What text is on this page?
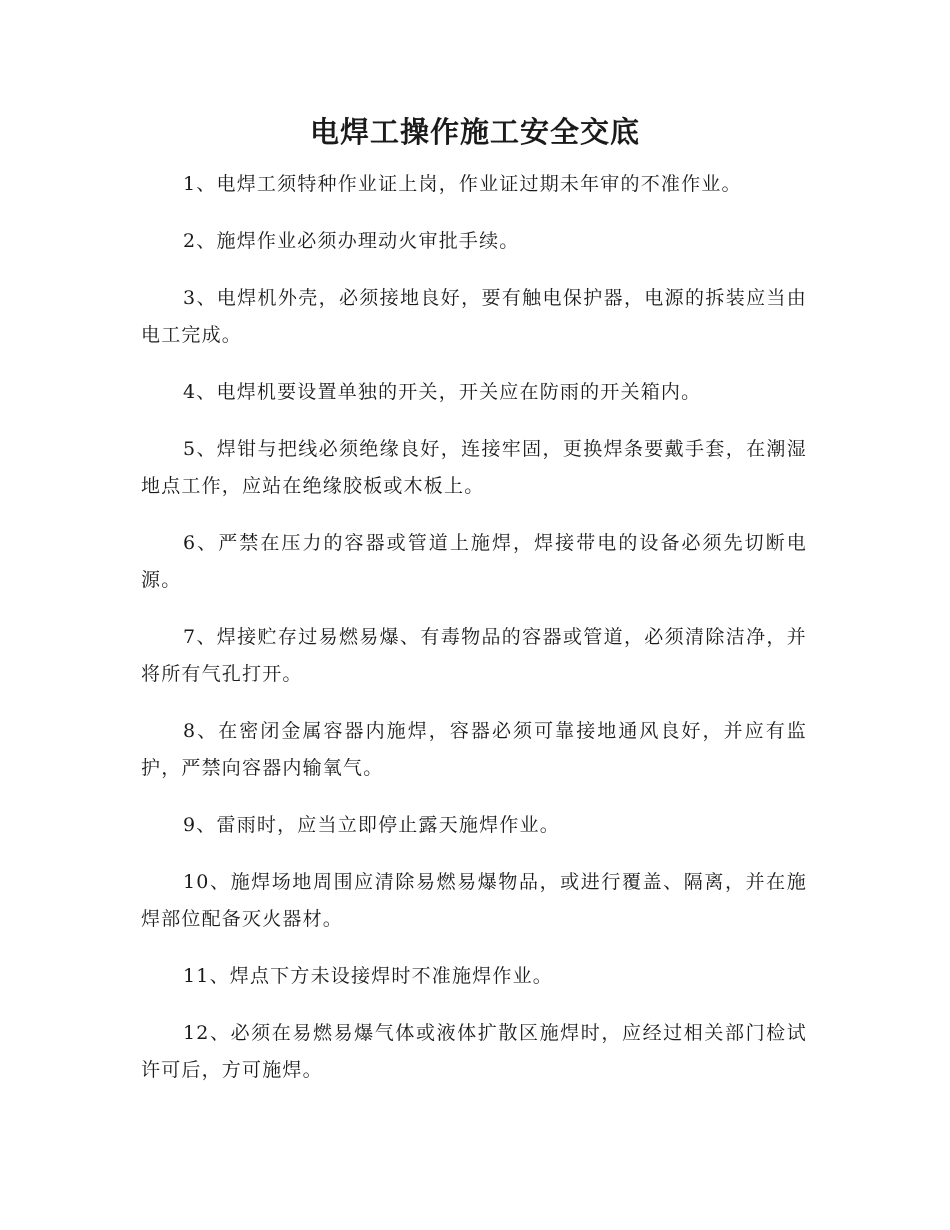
电焊工操作施工安全交底

1、电焊工须特种作业证上岗，作业证过期未年审的不准作业。

2、施焊作业必须办理动火审批手续。

3、电焊机外壳，必须接地良好，要有触电保护器，电源的拆装应当由电工完成。

4、电焊机要设置单独的开关，开关应在防雨的开关箱内。

5、焊钳与把线必须绝缘良好，连接牢固，更换焊条要戴手套，在潮湿地点工作，应站在绝缘胶板或木板上。

6、严禁在压力的容器或管道上施焊，焊接带电的设备必须先切断电源。

7、焊接贮存过易燃易爆、有毒物品的容器或管道，必须清除洁净，并将所有气孔打开。

8、在密闭金属容器内施焊，容器必须可靠接地通风良好，并应有监护，严禁向容器内输氧气。

9、雷雨时，应当立即停止露天施焊作业。

10、施焊场地周围应清除易燃易爆物品，或进行覆盖、隔离，并在施焊部位配备灭火器材。

11、焊点下方未设接焊时不准施焊作业。

12、必须在易燃易爆气体或液体扩散区施焊时，应经过相关部门检试许可后，方可施焊。
